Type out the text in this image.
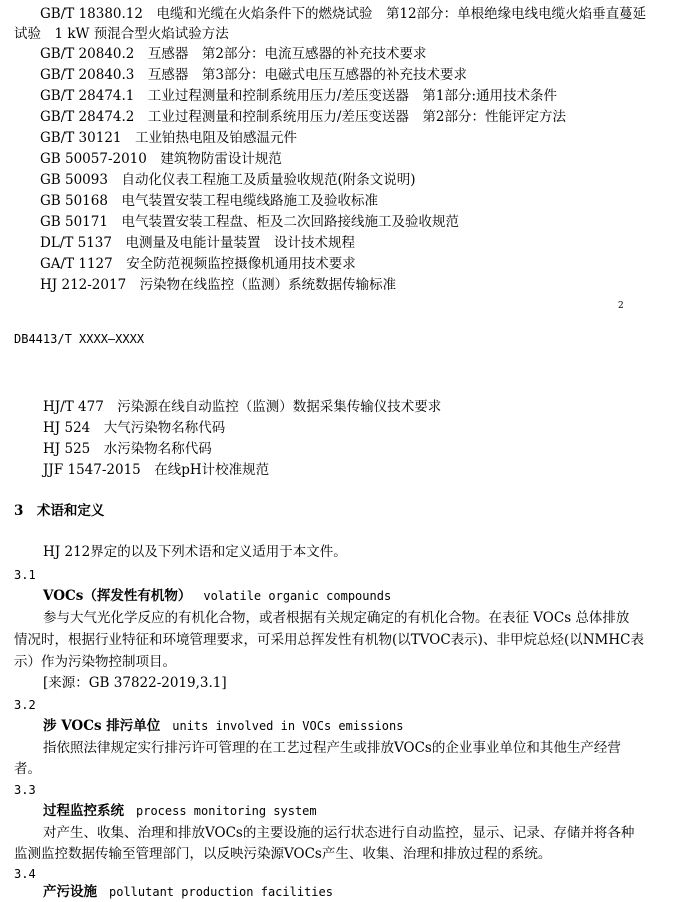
GB/T 18380.12　电缆和光缆在火焰条件下的燃烧试验　第12部分：单根绝缘电线电缆火焰垂直蔓延
试验　1 kW 预混合型火焰试验方法
GB/T 20840.2　互感器　第2部分：电流互感器的补充技术要求
GB/T 20840.3　互感器　第3部分：电磁式电压互感器的补充技术要求
GB/T 28474.1　工业过程测量和控制系统用压力/差压变送器　第1部分:通用技术条件
GB/T 28474.2　工业过程测量和控制系统用压力/差压变送器　第2部分：性能评定方法
GB/T 30121　工业铂热电阻及铂感温元件
GB 50057-2010　建筑物防雷设计规范
GB 50093　自动化仪表工程施工及质量验收规范(附条文说明)
GB 50168　电气装置安装工程电缆线路施工及验收标准
GB 50171　电气装置安装工程盘、柜及二次回路接线施工及验收规范
DL/T 5137　电测量及电能计量装置　设计技术规程
GA/T 1127　安全防范视频监控摄像机通用技术要求
HJ 212-2017　污染物在线监控（监测）系统数据传输标准
2
DB4413/T XXXX—XXXX
HJ/T 477　污染源在线自动监控（监测）数据采集传输仪技术要求
HJ 524　大气污染物名称代码
HJ 525　水污染物名称代码
JJF 1547-2015　在线pH计校准规范
3　术语和定义
HJ 212界定的以及下列术语和定义适用于本文件。
3.1
VOCs（挥发性有机物） volatile organic compounds
参与大气光化学反应的有机化合物，或者根据有关规定确定的有机化合物。在表征 VOCs 总体排放
情况时，根据行业特征和环境管理要求，可采用总挥发性有机物(以TVOC表示)、非甲烷总烃(以NMHC表
示）作为污染物控制项目。
[来源：GB 37822-2019,3.1]
3.2
涉 VOCs 排污单位 units involved in VOCs emissions
指依照法律规定实行排污许可管理的在工艺过程产生或排放VOCs的企业事业单位和其他生产经营
者。
3.3
过程监控系统 process monitoring system
对产生、收集、治理和排放VOCs的主要设施的运行状态进行自动监控，显示、记录、存储并将各种
监测监控数据传输至管理部门，以反映污染源VOCs产生、收集、治理和排放过程的系统。
3.4
产污设施 pollutant production facilities
